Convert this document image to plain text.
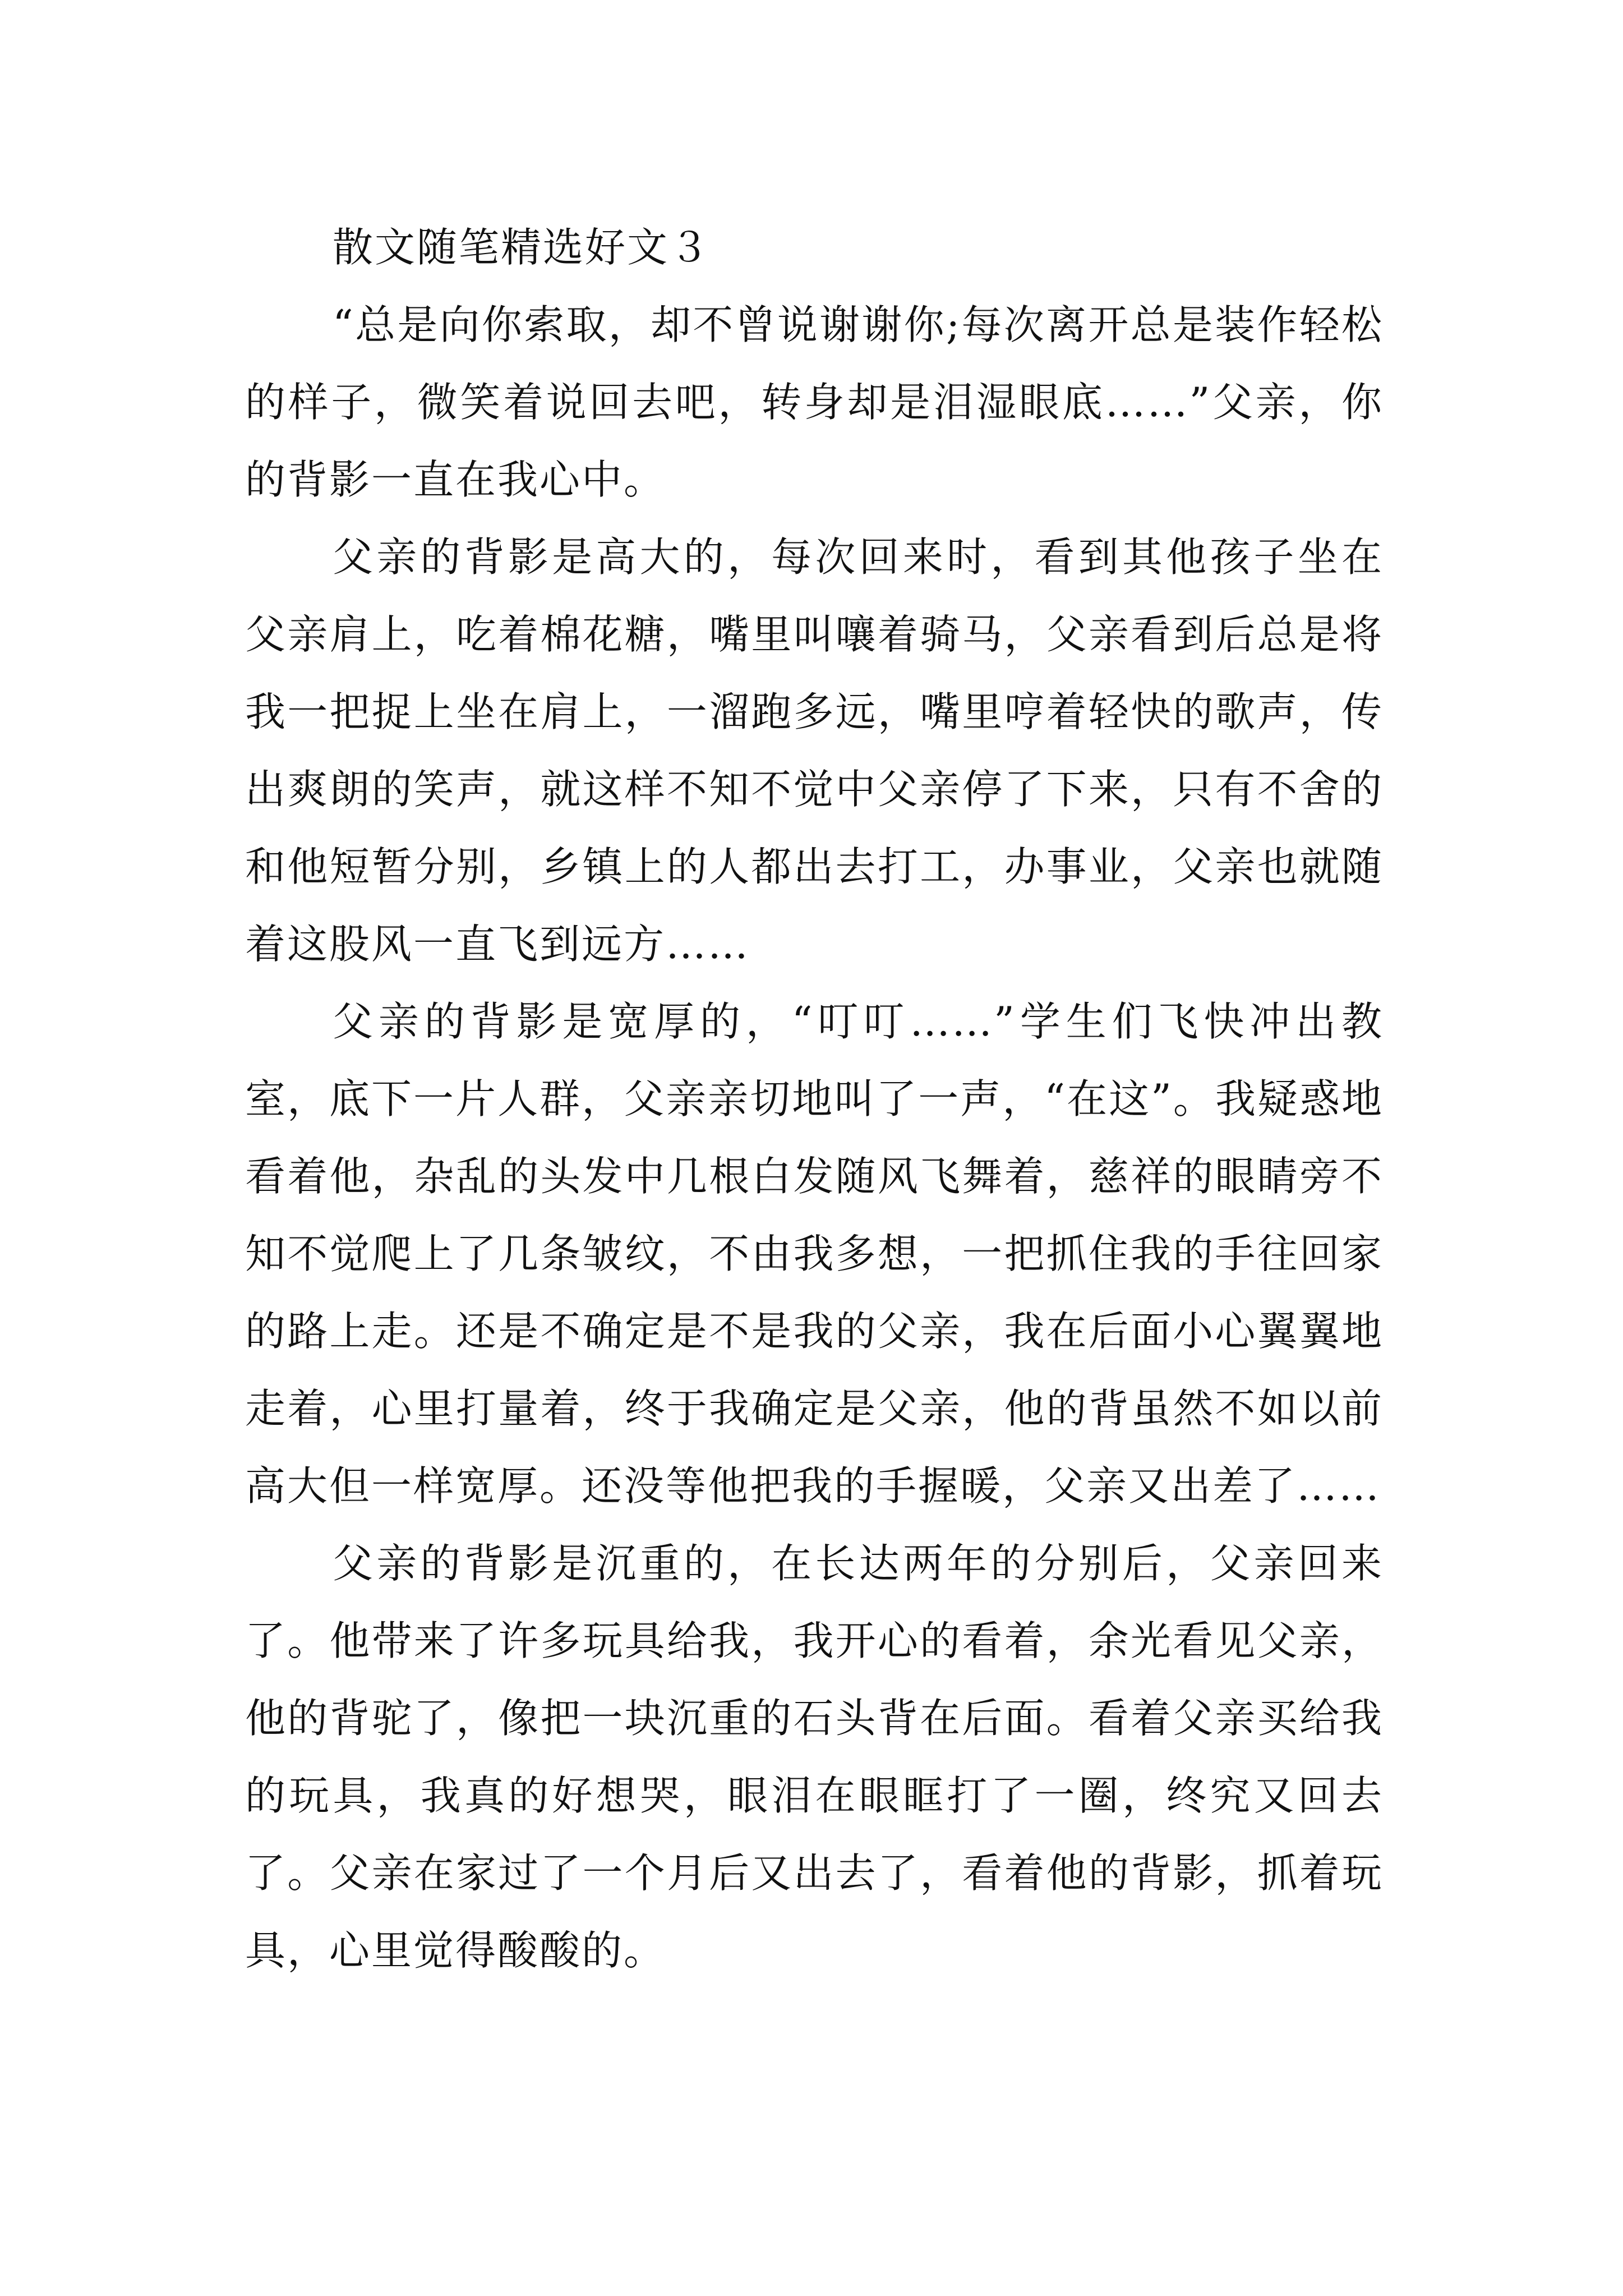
散文随笔精选好文３

“总是向你索取，却不曾说谢谢你;每次离开总是装作轻松的样子，微笑着说回去吧，转身却是泪湿眼底……”父亲，你的背影一直在我心中。

父亲的背影是高大的，每次回来时，看到其他孩子坐在父亲肩上，吃着棉花糖，嘴里叫嚷着骑马，父亲看到后总是将我一把捉上坐在肩上，一溜跑多远，嘴里哼着轻快的歌声，传出爽朗的笑声，就这样不知不觉中父亲停了下来，只有不舍的和他短暂分别，乡镇上的人都出去打工，办事业，父亲也就随着这股风一直飞到远方……

父亲的背影是宽厚的，“叮叮……”学生们飞快冲出教室，底下一片人群，父亲亲切地叫了一声，“在这”。我疑惑地看着他，杂乱的头发中几根白发随风飞舞着，慈祥的眼睛旁不知不觉爬上了几条皱纹，不由我多想，一把抓住我的手往回家的路上走。还是不确定是不是我的父亲，我在后面小心翼翼地走着，心里打量着，终于我确定是父亲，他的背虽然不如以前高大但一样宽厚。还没等他把我的手握暖，父亲又出差了……

父亲的背影是沉重的，在长达两年的分别后，父亲回来了。他带来了许多玩具给我，我开心的看着，余光看见父亲，他的背驼了，像把一块沉重的石头背在后面。看着父亲买给我的玩具，我真的好想哭，眼泪在眼眶打了一圈，终究又回去了。父亲在家过了一个月后又出去了，看着他的背影，抓着玩具，心里觉得酸酸的。
